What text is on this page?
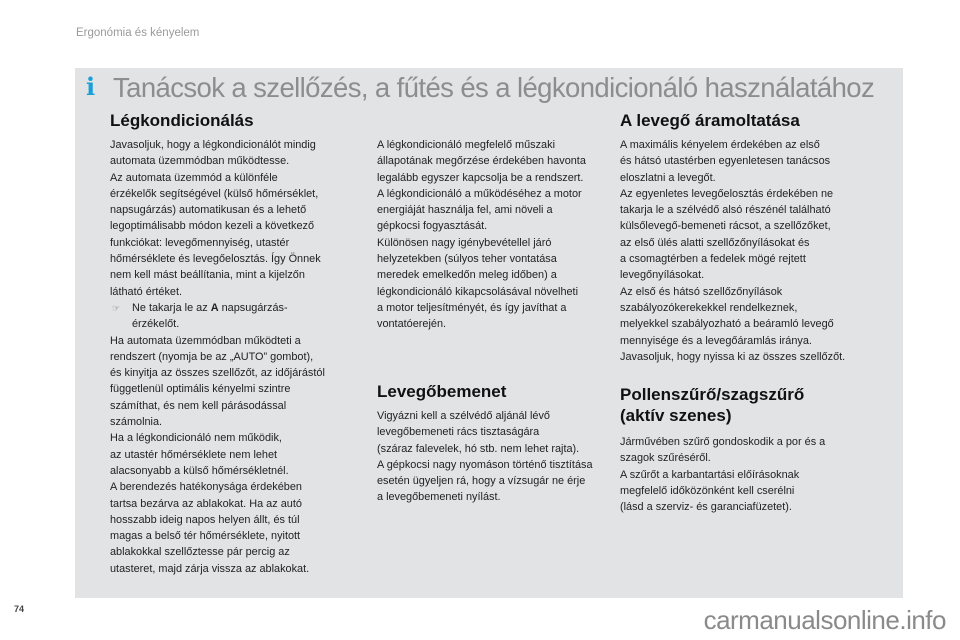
Ergonómia és kényelem
i Tanácsok a szellőzés, a fűtés és a légkondicionáló használatához
Légkondicionálás
Javasoljuk, hogy a légkondicionálót mindig
automata üzemmódban működtesse.
Az automata üzemmód a különféle
érzékelők segítségével (külső hőmérséklet,
napsugárzás) automatikusan és a lehető
legoptimálisabb módon kezeli a következő
funkciókat: levegőmennyiség, utastér
hőmérséklete és levegőelosztás. Így Önnek
nem kell mást beállítania, mint a kijelzőn
látható értéket.
☞ Ne takarja le az A napsugárzás-
érzékelőt.
Ha automata üzemmódban működteti a
rendszert (nyomja be az „AUTO” gombot),
és kinyitja az összes szellőzőt, az időjárástól
függetlenül optimális kényelmi szintre
számíthat, és nem kell párásodással
számolnia.
Ha a légkondicionáló nem működik,
az utastér hőmérséklete nem lehet
alacsonyabb a külső hőmérsékletnél.
A berendezés hatékonysága érdekében
tartsa bezárva az ablakokat. Ha az autó
hosszabb ideig napos helyen állt, és túl
magas a belső tér hőmérséklete, nyitott
ablakokkal szellőztesse pár percig az
utasteret, majd zárja vissza az ablakokat.
A légkondicionáló megfelelő műszaki
állapotának megőrzése érdekében havonta
legalább egyszer kapcsolja be a rendszert.
A légkondicionáló a működéséhez a motor
energiáját használja fel, ami növeli a
gépkocsi fogyasztását.
Különösen nagy igénybevétellel járó
helyzetekben (súlyos teher vontatása
meredek emelkedőn meleg időben) a
légkondicionáló kikapcsolásával növelheti
a motor teljesítményét, és így javíthat a
vontatóerején.
Levegőbemenet
Vigyázni kell a szélvédő aljánál lévő
levegőbemeneti rács tisztaságára
(száraz falevelek, hó stb. nem lehet rajta).
A gépkocsi nagy nyomáson történő tisztítása
esetén ügyeljen rá, hogy a vízsugár ne érje
a levegőbemeneti nyílást.
A levegő áramoltatása
A maximális kényelem érdekében az első
és hátsó utastérben egyenletesen tanácsos
eloszlatni a levegőt.
Az egyenletes levegőelosztás érdekében ne
takarja le a szélvédő alsó részénél található
külsőlevegő-bemeneti rácsot, a szellőzőket,
az első ülés alatti szellőzőnyílásokat és
a csomagtérben a fedelek mögé rejtett
levegőnyílásokat.
Az első és hátsó szellőzőnyílások
szabályozókerekekkel rendelkeznek,
melyekkel szabályozható a beáramló levegő
mennyisége és a levegőáramlás iránya.
Javasoljuk, hogy nyissa ki az összes szellőzőt.
Pollenszűrő/szagszűrő
(aktív szenes)
Járművében szűrő gondoskodik a por és a
szagok szűréséről.
A szűrőt a karbantartási előírásoknak
megfelelő időközönként kell cserélni
(lásd a szerviz- és garanciafüzetet).
74	carmanualsonline.info
